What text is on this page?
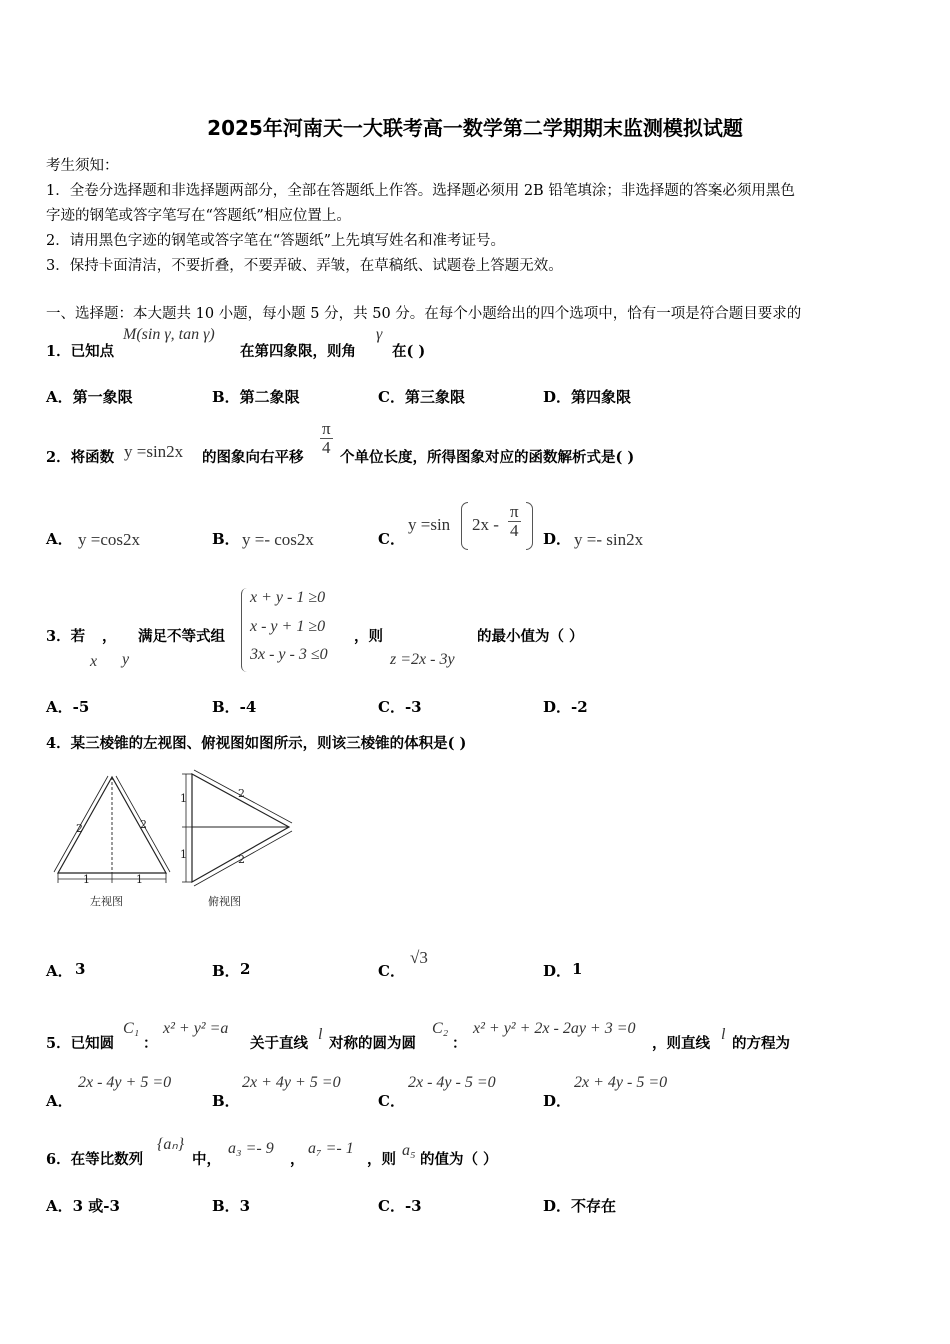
2025年河南天一大联考高一数学第二学期期末监测模拟试题
考生须知：
1．全卷分选择题和非选择题两部分，全部在答题纸上作答。选择题必须用 2B 铅笔填涂；非选择题的答案必须用黑色
字迹的钢笔或答字笔写在“答题纸”相应位置上。
2．请用黑色字迹的钢笔或答字笔在“答题纸”上先填写姓名和准考证号。
3．保持卡面清洁，不要折叠，不要弄破、弄皱，在草稿纸、试题卷上答题无效。
一、选择题：本大题共 10 小题，每小题 5 分，共 50 分。在每个小题给出的四个选项中，恰有一项是符合题目要求的
1．已知点
M(sin γ, tan γ)
在第四象限，则角
γ
在( )
A．第一象限	B．第二象限	C．第三象限	D．第四象限
2．将函数 y =sin2x 的图象向右平移
$\frac{\pi}{4}$
个单位长度，所得图象对应的函数解析式是( )
A． y =cos2x	B． y =- cos2x	C．
y =sin $2x - \frac{\pi}{4}$ D． y =- sin2x
3．若 ， 满足不等式组
x y
x + y - 1 ≥0
x - y + 1 ≥0
3x - y - 3 ≤0
，则
z =2x - 3y
的最小值为（ ）
A．-5	B．-4	C．-3	D．-2
4．某三棱锥的左视图、俯视图如图所示，则该三棱锥的体积是( )
2	2
1	1
2
2
1
1
左视图	俯视图
A． 3	B． 2	C．
√3
D． 1
5．已知圆
C₁
：
x² + y² =a
关于直线
l
对称的圆为圆
C₂
：
x² + y² + 2x - 2ay + 3 =0
，则直线
l
的方程为
A．
2x - 4y + 5 =0
B．
2x + 4y + 5 =0
C．
2x - 4y - 5 =0
D．
2x + 4y - 5 =0
6．在等比数列
{aₙ}
中，
a₃ =- 9
，
a₇ =- 1
，则
a₅
的值为（ ）
A．3 或-3	B．3	C．-3	D．不存在
